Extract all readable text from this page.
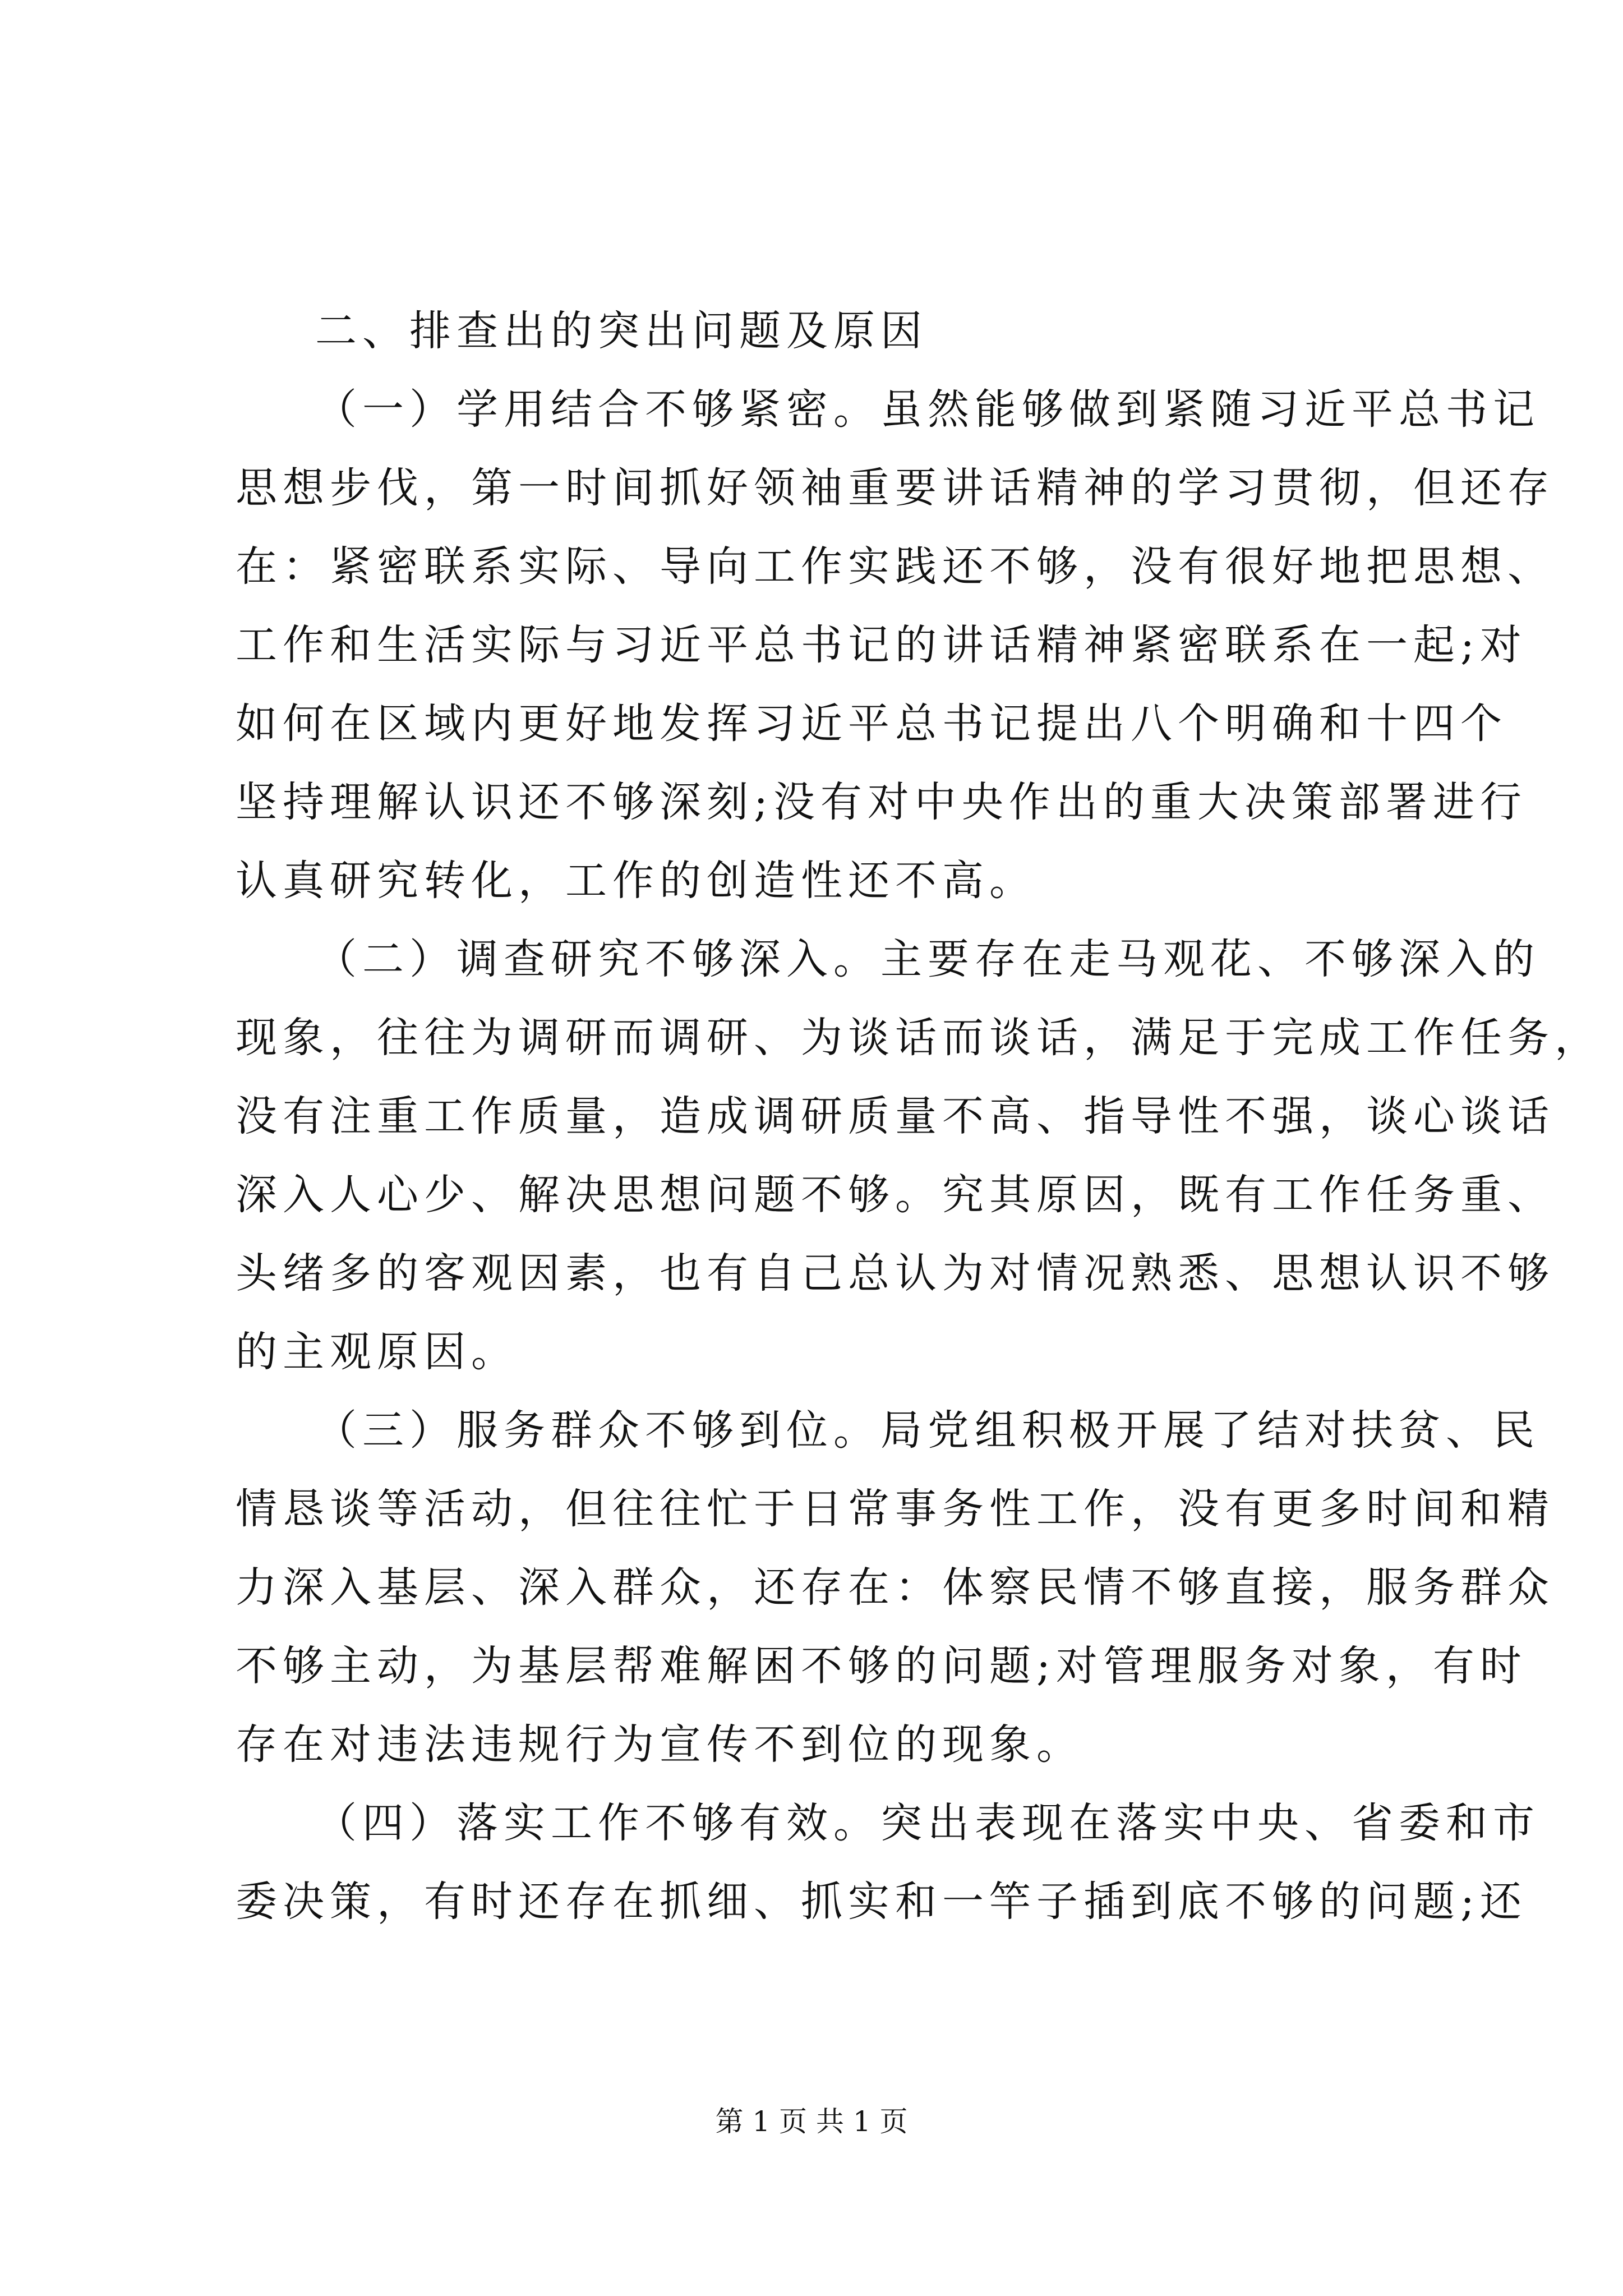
二、排查出的突出问题及原因
（一）学用结合不够紧密。虽然能够做到紧随习近平总书记
思想步伐，第一时间抓好领袖重要讲话精神的学习贯彻，但还存
在：紧密联系实际、导向工作实践还不够，没有很好地把思想、
工作和生活实际与习近平总书记的讲话精神紧密联系在一起;对
如何在区域内更好地发挥习近平总书记提出八个明确和十四个
坚持理解认识还不够深刻;没有对中央作出的重大决策部署进行
认真研究转化，工作的创造性还不高。
（二）调查研究不够深入。主要存在走马观花、不够深入的
现象，往往为调研而调研、为谈话而谈话，满足于完成工作任务，
没有注重工作质量，造成调研质量不高、指导性不强，谈心谈话
深入人心少、解决思想问题不够。究其原因，既有工作任务重、
头绪多的客观因素，也有自己总认为对情况熟悉、思想认识不够
的主观原因。
（三）服务群众不够到位。局党组积极开展了结对扶贫、民
情恳谈等活动，但往往忙于日常事务性工作，没有更多时间和精
力深入基层、深入群众，还存在：体察民情不够直接，服务群众
不够主动，为基层帮难解困不够的问题;对管理服务对象，有时
存在对违法违规行为宣传不到位的现象。
（四）落实工作不够有效。突出表现在落实中央、省委和市
委决策，有时还存在抓细、抓实和一竿子插到底不够的问题;还
第 1 页 共 1 页
